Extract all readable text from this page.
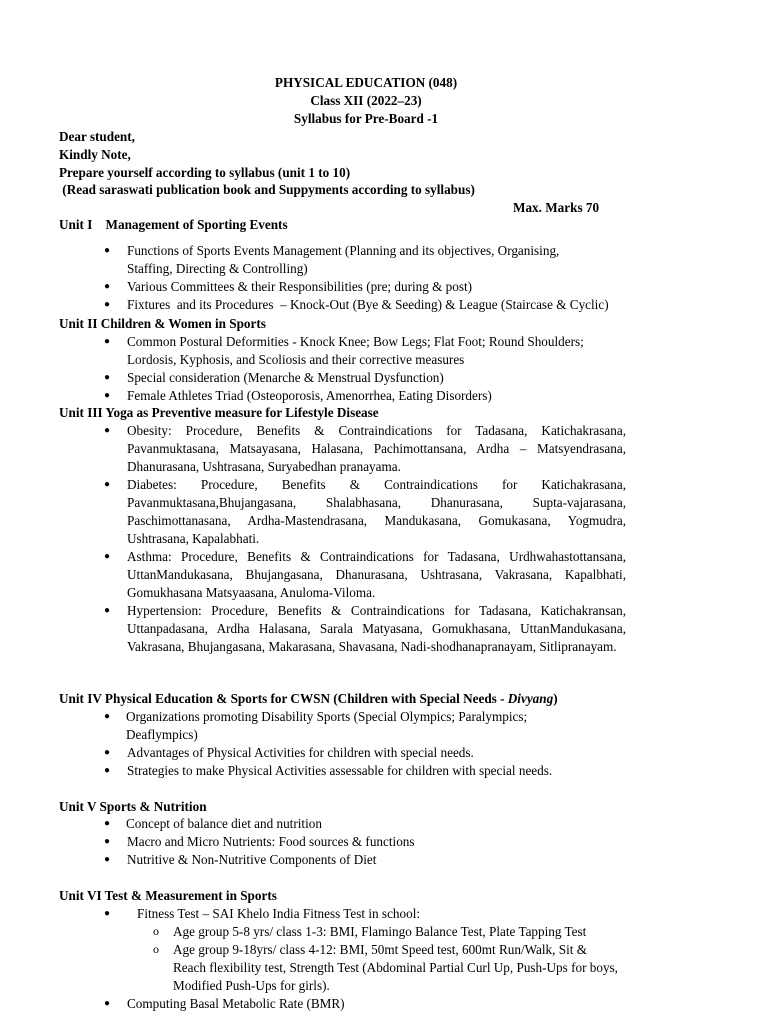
PHYSICAL EDUCATION (048)
Class XII (2022–23)
Syllabus for Pre-Board -1
Dear student,
Kindly Note,
Prepare yourself according to syllabus (unit 1 to 10)
(Read saraswati publication book and Suppyments according to syllabus)
Max. Marks 70
Unit I    Management of Sporting Events
● Functions of Sports Events Management (Planning and its objectives, Organising, Staffing, Directing & Controlling)
● Various Committees & their Responsibilities (pre; during & post)
● Fixtures  and its Procedures  – Knock-Out (Bye & Seeding) & League (Staircase & Cyclic)
Unit II Children & Women in Sports
● Common Postural Deformities - Knock Knee; Bow Legs; Flat Foot; Round Shoulders; Lordosis, Kyphosis, and Scoliosis and their corrective measures
● Special consideration (Menarche & Menstrual Dysfunction)
● Female Athletes Triad (Osteoporosis, Amenorrhea, Eating Disorders)
Unit III Yoga as Preventive measure for Lifestyle Disease
● Obesity: Procedure, Benefits & Contraindications for Tadasana, Katichakrasana, Pavanmuktasana, Matsayasana, Halasana, Pachimottansana, Ardha – Matsyendrasana, Dhanurasana, Ushtrasana, Suryabedhan pranayama.
● Diabetes: Procedure, Benefits & Contraindications for Katichakrasana, Pavanmuktasana,Bhujangasana, Shalabhasana, Dhanurasana, Supta-vajarasana, Paschimottanasana, Ardha-Mastendrasana, Mandukasana, Gomukasana, Yogmudra, Ushtrasana, Kapalabhati.
● Asthma: Procedure, Benefits & Contraindications for Tadasana, Urdhwahastottansana, UttanMandukasana, Bhujangasana, Dhanurasana, Ushtrasana, Vakrasana, Kapalbhati, Gomukhasana Matsyaasana, Anuloma-Viloma.
● Hypertension: Procedure, Benefits & Contraindications for Tadasana, Katichakransan, Uttanpadasana, Ardha Halasana, Sarala Matyasana, Gomukhasana, UttanMandukasana, Vakrasana, Bhujangasana, Makarasana, Shavasana, Nadi-shodhanapranayam, Sitlipranayam.
Unit IV Physical Education & Sports for CWSN (Children with Special Needs - Divyang)
● Organizations promoting Disability Sports (Special Olympics; Paralympics; Deaflympics)
● Advantages of Physical Activities for children with special needs.
● Strategies to make Physical Activities assessable for children with special needs.
Unit V Sports & Nutrition
● Concept of balance diet and nutrition
● Macro and Micro Nutrients: Food sources & functions
● Nutritive & Non-Nutritive Components of Diet
Unit VI Test & Measurement in Sports
● Fitness Test – SAI Khelo India Fitness Test in school:
o Age group 5-8 yrs/ class 1-3: BMI, Flamingo Balance Test, Plate Tapping Test
o Age group 9-18yrs/ class 4-12: BMI, 50mt Speed test, 600mt Run/Walk, Sit & Reach flexibility test, Strength Test (Abdominal Partial Curl Up, Push-Ups for boys, Modified Push-Ups for girls).
● Computing Basal Metabolic Rate (BMR)
